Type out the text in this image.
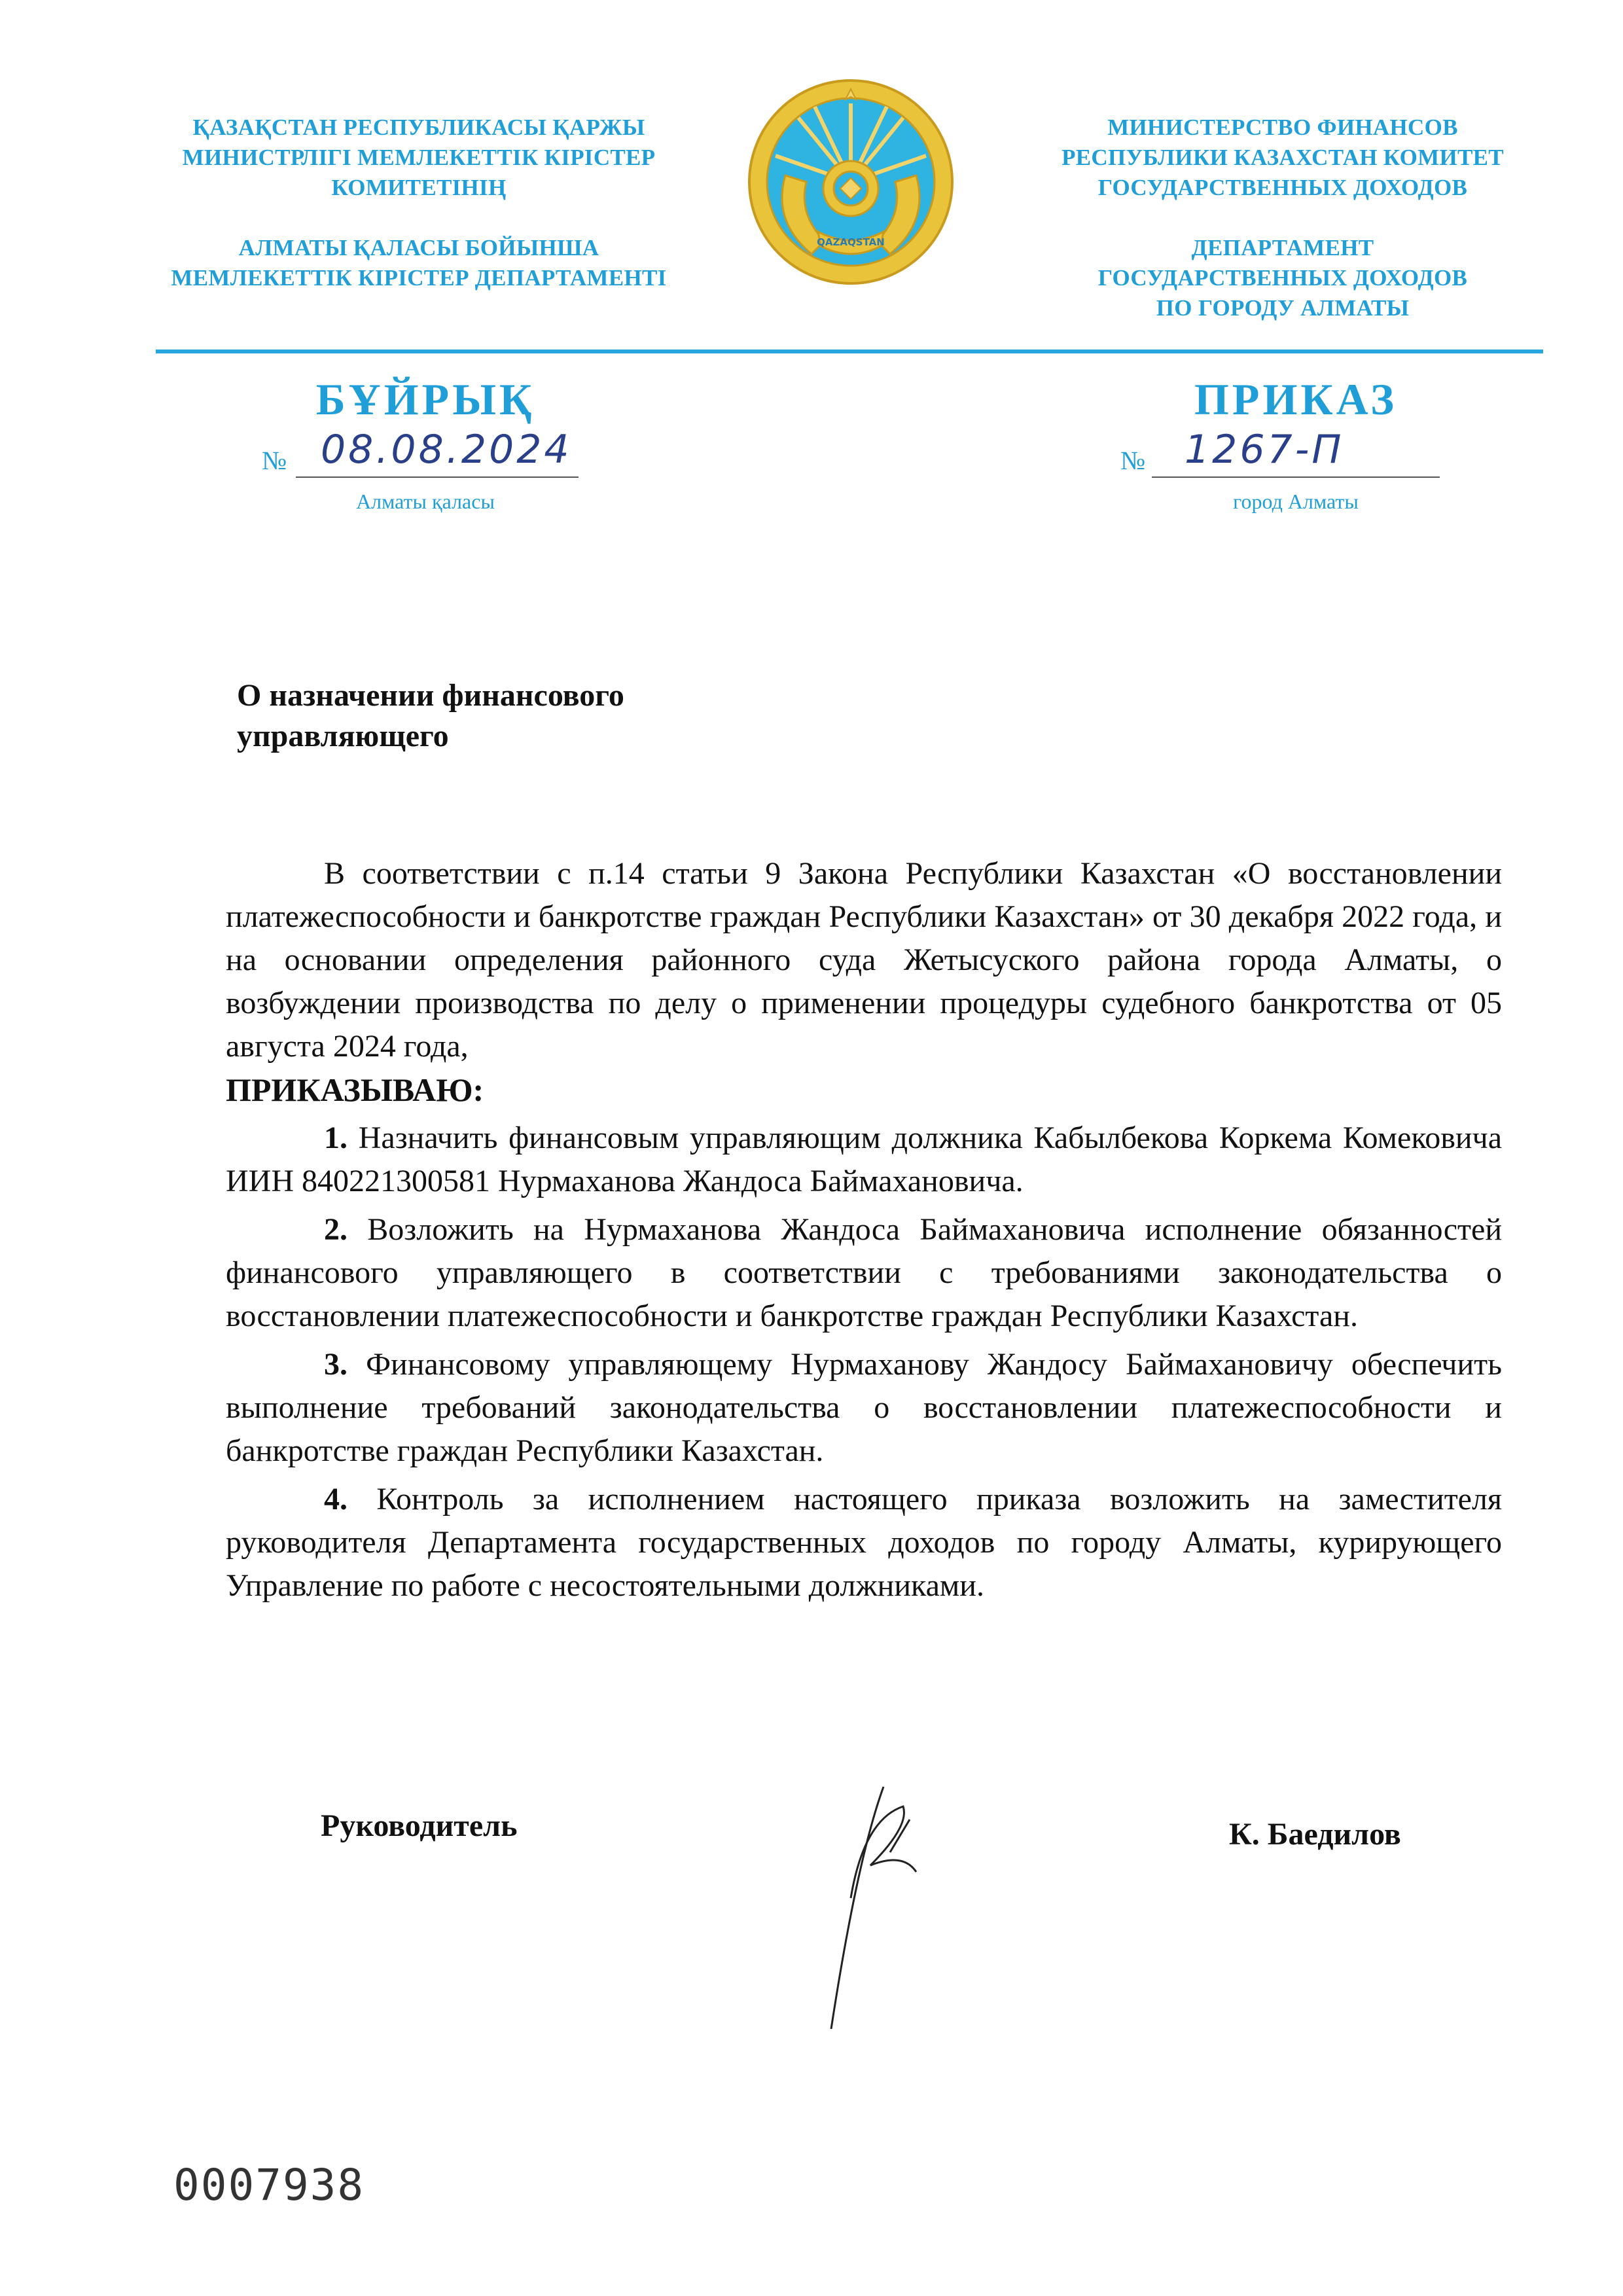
ҚАЗАҚСТАН РЕСПУБЛИКАСЫ ҚАРЖЫ
МИНИСТРЛІГІ МЕМЛЕКЕТТІК КІРІСТЕР
КОМИТЕТІНІҢ
АЛМАТЫ ҚАЛАСЫ БОЙЫНША
МЕМЛЕКЕТТІК КІРІСТЕР ДЕПАРТАМЕНТІ
QAZAQSTAN
МИНИСТЕРСТВО ФИНАНСОВ
РЕСПУБЛИКИ КАЗАХСТАН КОМИТЕТ
ГОСУДАРСТВЕННЫХ ДОХОДОВ
ДЕПАРТАМЕНТ
ГОСУДАРСТВЕННЫХ ДОХОДОВ
ПО ГОРОДУ АЛМАТЫ
БҰЙРЫҚ
№ 08.08.2024
Алматы қаласы
ПРИКАЗ
№ 1267-П
город Алматы
О назначении финансового
управляющего

В соответствии с п.14 статьи 9 Закона Республики Казахстан «О восстановлении платежеспособности и банкротстве граждан Республики Казахстан» от 30 декабря 2022 года, и на основании определения районного суда Жетысуского района города Алматы, о возбуждении производства по делу о применении процедуры судебного банкротства от 05 августа 2024 года,

ПРИКАЗЫВАЮ:

1. Назначить финансовым управляющим должника Кабылбекова Коркема Комековича ИИН 840221300581 Нурмаханова Жандоса Баймахановича.

2. Возложить на Нурмаханова Жандоса Баймахановича исполнение обязанностей финансового управляющего в соответствии с требованиями законодательства о восстановлении платежеспособности и банкротстве граждан Республики Казахстан.

3. Финансовому управляющему Нурмаханову Жандосу Баймахановичу обеспечить выполнение требований законодательства о восстановлении платежеспособности и банкротстве граждан Республики Казахстан.

4. Контроль за исполнением настоящего приказа возложить на заместителя руководителя Департамента государственных доходов по городу Алматы, курирующего Управление по работе с несостоятельными должниками.

Руководитель	К. Баедилов
0007938
